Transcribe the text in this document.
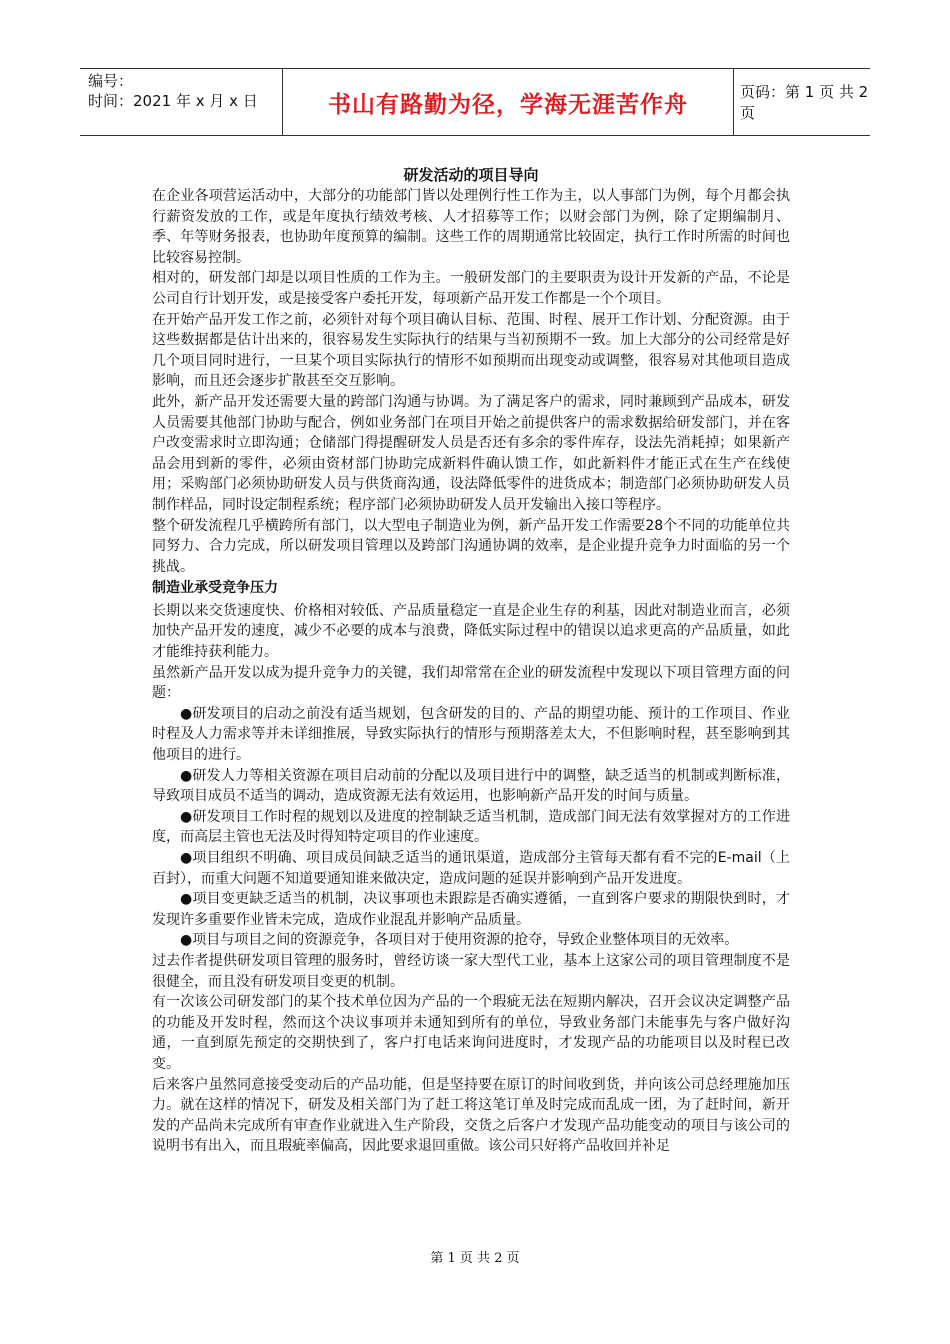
编号：
时间：2021 年 x 月 x 日	书山有路勤为径，学海无涯苦作舟	页码：第 1 页 共 2 页

研发活动的项目导向

在企业各项营运活动中，大部分的功能部门皆以处理例行性工作为主，以人事部门为例，每个月都会执行薪资发放的工作，或是年度执行绩效考核、人才招募等工作；以财会部门为例，除了定期编制月、季、年等财务报表，也协助年度预算的编制。这些工作的周期通常比较固定，执行工作时所需的时间也比较容易控制。

相对的，研发部门却是以项目性质的工作为主。一般研发部门的主要职责为设计开发新的产品，不论是公司自行计划开发，或是接受客户委托开发，每项新产品开发工作都是一个个项目。

在开始产品开发工作之前，必须针对每个项目确认目标、范围、时程、展开工作计划、分配资源。由于这些数据都是估计出来的，很容易发生实际执行的结果与当初预期不一致。加上大部分的公司经常是好几个项目同时进行，一旦某个项目实际执行的情形不如预期而出现变动或调整，很容易对其他项目造成影响，而且还会逐步扩散甚至交互影响。

此外，新产品开发还需要大量的跨部门沟通与协调。为了满足客户的需求，同时兼顾到产品成本，研发人员需要其他部门协助与配合，例如业务部门在项目开始之前提供客户的需求数据给研发部门，并在客户改变需求时立即沟通；仓储部门得提醒研发人员是否还有多余的零件库存，设法先消耗掉；如果新产品会用到新的零件，必须由资材部门协助完成新料件确认馈工作，如此新料件才能正式在生产在线使用；采购部门必须协助研发人员与供货商沟通，设法降低零件的进货成本；制造部门必须协助研发人员制作样品，同时设定制程系统；程序部门必须协助研发人员开发输出入接口等程序。

整个研发流程几乎横跨所有部门，以大型电子制造业为例，新产品开发工作需要28个不同的功能单位共同努力、合力完成，所以研发项目管理以及跨部门沟通协调的效率，是企业提升竞争力时面临的另一个挑战。

制造业承受竞争压力

长期以来交货速度快、价格相对较低、产品质量稳定一直是企业生存的利基，因此对制造业而言，必须加快产品开发的速度，减少不必要的成本与浪费，降低实际过程中的错误以追求更高的产品质量，如此才能维持获利能力。

虽然新产品开发以成为提升竞争力的关键，我们却常常在企业的研发流程中发现以下项目管理方面的问题：

●研发项目的启动之前没有适当规划，包含研发的目的、产品的期望功能、预计的工作项目、作业时程及人力需求等并未详细推展，导致实际执行的情形与预期落差太大，不但影响时程，甚至影响到其他项目的进行。

●研发人力等相关资源在项目启动前的分配以及项目进行中的调整，缺乏适当的机制或判断标准，导致项目成员不适当的调动，造成资源无法有效运用，也影响新产品开发的时间与质量。

●研发项目工作时程的规划以及进度的控制缺乏适当机制，造成部门间无法有效掌握对方的工作进度，而高层主管也无法及时得知特定项目的作业速度。

●项目组织不明确、项目成员间缺乏适当的通讯渠道，造成部分主管每天都有看不完的E-mail（上百封），而重大问题不知道要通知谁来做决定，造成问题的延误并影响到产品开发进度。

●项目变更缺乏适当的机制，决议事项也未跟踪是否确实遵循，一直到客户要求的期限快到时，才发现许多重要作业皆未完成，造成作业混乱并影响产品质量。

●项目与项目之间的资源竞争，各项目对于使用资源的抢夺，导致企业整体项目的无效率。

过去作者提供研发项目管理的服务时，曾经访谈一家大型代工业，基本上这家公司的项目管理制度不是很健全，而且没有研发项目变更的机制。

有一次该公司研发部门的某个技术单位因为产品的一个瑕疵无法在短期内解决，召开会议决定调整产品的功能及开发时程，然而这个决议事项并未通知到所有的单位，导致业务部门未能事先与客户做好沟通，一直到原先预定的交期快到了，客户打电话来询问进度时，才发现产品的功能项目以及时程已改变。

后来客户虽然同意接受变动后的产品功能，但是坚持要在原订的时间收到货，并向该公司总经理施加压力。就在这样的情况下，研发及相关部门为了赶工将这笔订单及时完成而乱成一团，为了赶时间，新开发的产品尚未完成所有审查作业就进入生产阶段，交货之后客户才发现产品功能变动的项目与该公司的说明书有出入，而且瑕疵率偏高，因此要求退回重做。该公司只好将产品收回并补足

第 1 页 共 2 页
